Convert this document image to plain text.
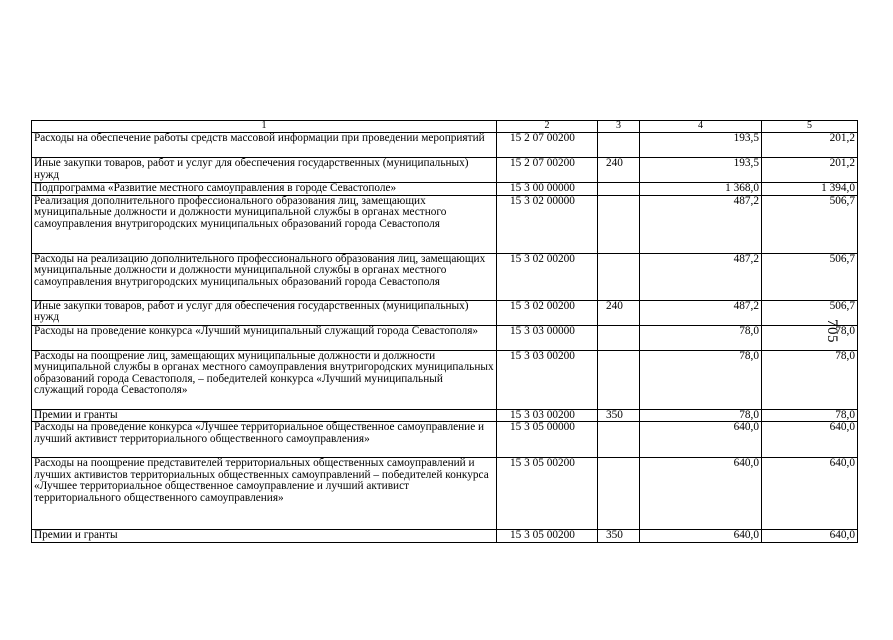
1	2	3	4	5
Расходы на обеспечение работы средств массовой информации при проведении мероприятий	15 2 07 00200		193,5	201,2
Иные закупки товаров, работ и услуг для обеспечения государственных (муниципальных) нужд	15 2 07 00200	240	193,5	201,2
Подпрограмма «Развитие местного самоуправления в городе Севастополе»	15 3 00 00000		1 368,0	1 394,0
Реализация дополнительного профессионального образования лиц, замещающих муниципальные должности и должности муниципальной службы в органах местного самоуправления внутригородских муниципальных образований города Севастополя	15 3 02 00000		487,2	506,7
Расходы на реализацию дополнительного профессионального образования лиц, замещающих муниципальные должности и должности муниципальной службы в органах местного самоуправления внутригородских муниципальных образований города Севастополя	15 3 02 00200		487,2	506,7
Иные закупки товаров, работ и услуг для обеспечения государственных (муниципальных) нужд	15 3 02 00200	240	487,2	506,7
Расходы на проведение конкурса «Лучший муниципальный служащий города Севастополя»	15 3 03 00000		78,0	78,0
Расходы на поощрение лиц, замещающих муниципальные должности и должности муниципальной службы в органах местного самоуправления внутригородских муниципальных образований города Севастополя, – победителей конкурса «Лучший муниципальный служащий города Севастополя»	15 3 03 00200		78,0	78,0
Премии и гранты	15 3 03 00200	350	78,0	78,0
Расходы на проведение конкурса «Лучшее территориальное общественное самоуправление и лучший активист территориального общественного самоуправления»	15 3 05 00000		640,0	640,0
Расходы на поощрение представителей территориальных общественных самоуправлений и лучших активистов территориальных общественных самоуправлений – победителей конкурса «Лучшее территориальное общественное самоуправление и лучший активист территориального общественного самоуправления»	15 3 05 00200		640,0	640,0
Премии и гранты	15 3 05 00200	350	640,0	640,0
705
